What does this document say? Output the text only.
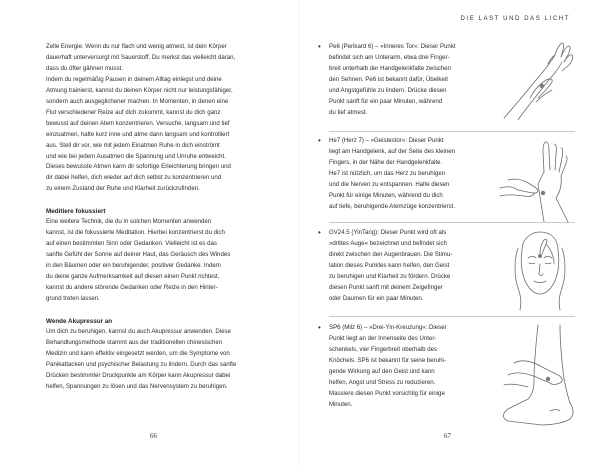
DIE LAST UND DAS LICHT

Zelle Energie. Wenn du nur flach und wenig atmest, ist dein Körper

dauerhaft unterversorgt mit Sauerstoff. Du merkst das vielleicht daran,

dass du öfter gähnen musst.

Indem du regelmäßig Pausen in deinem Alltag einlegst und deine

Atmung trainierst, kannst du deinen Körper nicht nur leistungsfähiger,

sondern auch ausgeglichener machen. In Momenten, in denen eine

Flut verschiedener Reize auf dich zukommt, kannst du dich ganz

bewusst auf deinen Atem konzentrieren. Versuche, langsam und tief

einzuatmen, halte kurz inne und atme dann langsam und kontrolliert

aus. Stell dir vor, wie mit jedem Einatmen Ruhe in dich einströmt

und wie bei jedem Ausatmen die Spannung und Unruhe entweicht.

Dieses bewusste Atmen kann dir sofortige Erleichterung bringen und

dir dabei helfen, dich wieder auf dich selbst zu konzentrieren und

zu einem Zustand der Ruhe und Klarheit zurückzufinden.

Meditiere fokussiert

Eine weitere Technik, die du in solchen Momenten anwenden

kannst, ist die fokussierte Meditation. Hierbei konzentrierst du dich

auf einen bestimmten Sinn oder Gedanken. Vielleicht ist es das

sanfte Gefühl der Sonne auf deiner Haut, das Geräusch des Windes

in den Bäumen oder ein beruhigender, positiver Gedanke. Indem

du deine ganze Aufmerksamkeit auf diesen einen Punkt richtest,

kannst du andere störende Gedanken oder Reize in den Hinter-

grund treten lassen.

Wende Akupressur an

Um dich zu beruhigen, kannst du auch Akupressur anwenden. Diese

Behandlungsmethode stammt aus der traditionellen chinesischen

Medizin und kann effektiv eingesetzt werden, um die Symptome von

Panikattacken und psychischer Belastung zu lindern. Durch das sanfte

Drücken bestimmter Druckpunkte am Körper kann Akupressur dabei

helfen, Spannungen zu lösen und das Nervensystem zu beruhigen.

66
• Pe6 (Perikard 6) – »Inneres Tor«: Dieser Punkt

befindet sich am Unterarm, etwa drei Finger-

breit unterhalb der Handgelenkfalte zwischen

den Sehnen. Pe6 ist bekannt dafür, Übelkeit

und Angstgefühle zu lindern. Drücke diesen

Punkt sanft für ein paar Minuten, während

du tief atmest.

• He7 (Herz 7) – »Geistestor«: Dieser Punkt

liegt am Handgelenk, auf der Seite des kleinen

Fingers, in der Nähe der Handgelenkfalte.

He7 ist nützlich, um das Herz zu beruhigen

und die Nerven zu entspannen. Halte diesen

Punkt für einige Minuten, während du dich

auf tiefe, beruhigende Atemzüge konzentrierst.

• GV24.5 (YinTang): Dieser Punkt wird oft als

»drittes Auge« bezeichnet und befindet sich

direkt zwischen den Augenbrauen. Die Stimu-

lation dieses Punktes kann helfen, den Geist

zu beruhigen und Klarheit zu fördern. Drücke

diesen Punkt sanft mit deinem Zeigefinger

oder Daumen für ein paar Minuten.

• SP6 (Milz 6) – »Drei-Yin-Kreuzung«: Dieser

Punkt liegt an der Innenseite des Unter-

schenkels, vier Fingerbreit oberhalb des

Knöchels. SP6 ist bekannt für seine beruhi-

gende Wirkung auf den Geist und kann

helfen, Angst und Stress zu reduzieren.

Massiere diesen Punkt vorsichtig für einige

Minuten.

67
